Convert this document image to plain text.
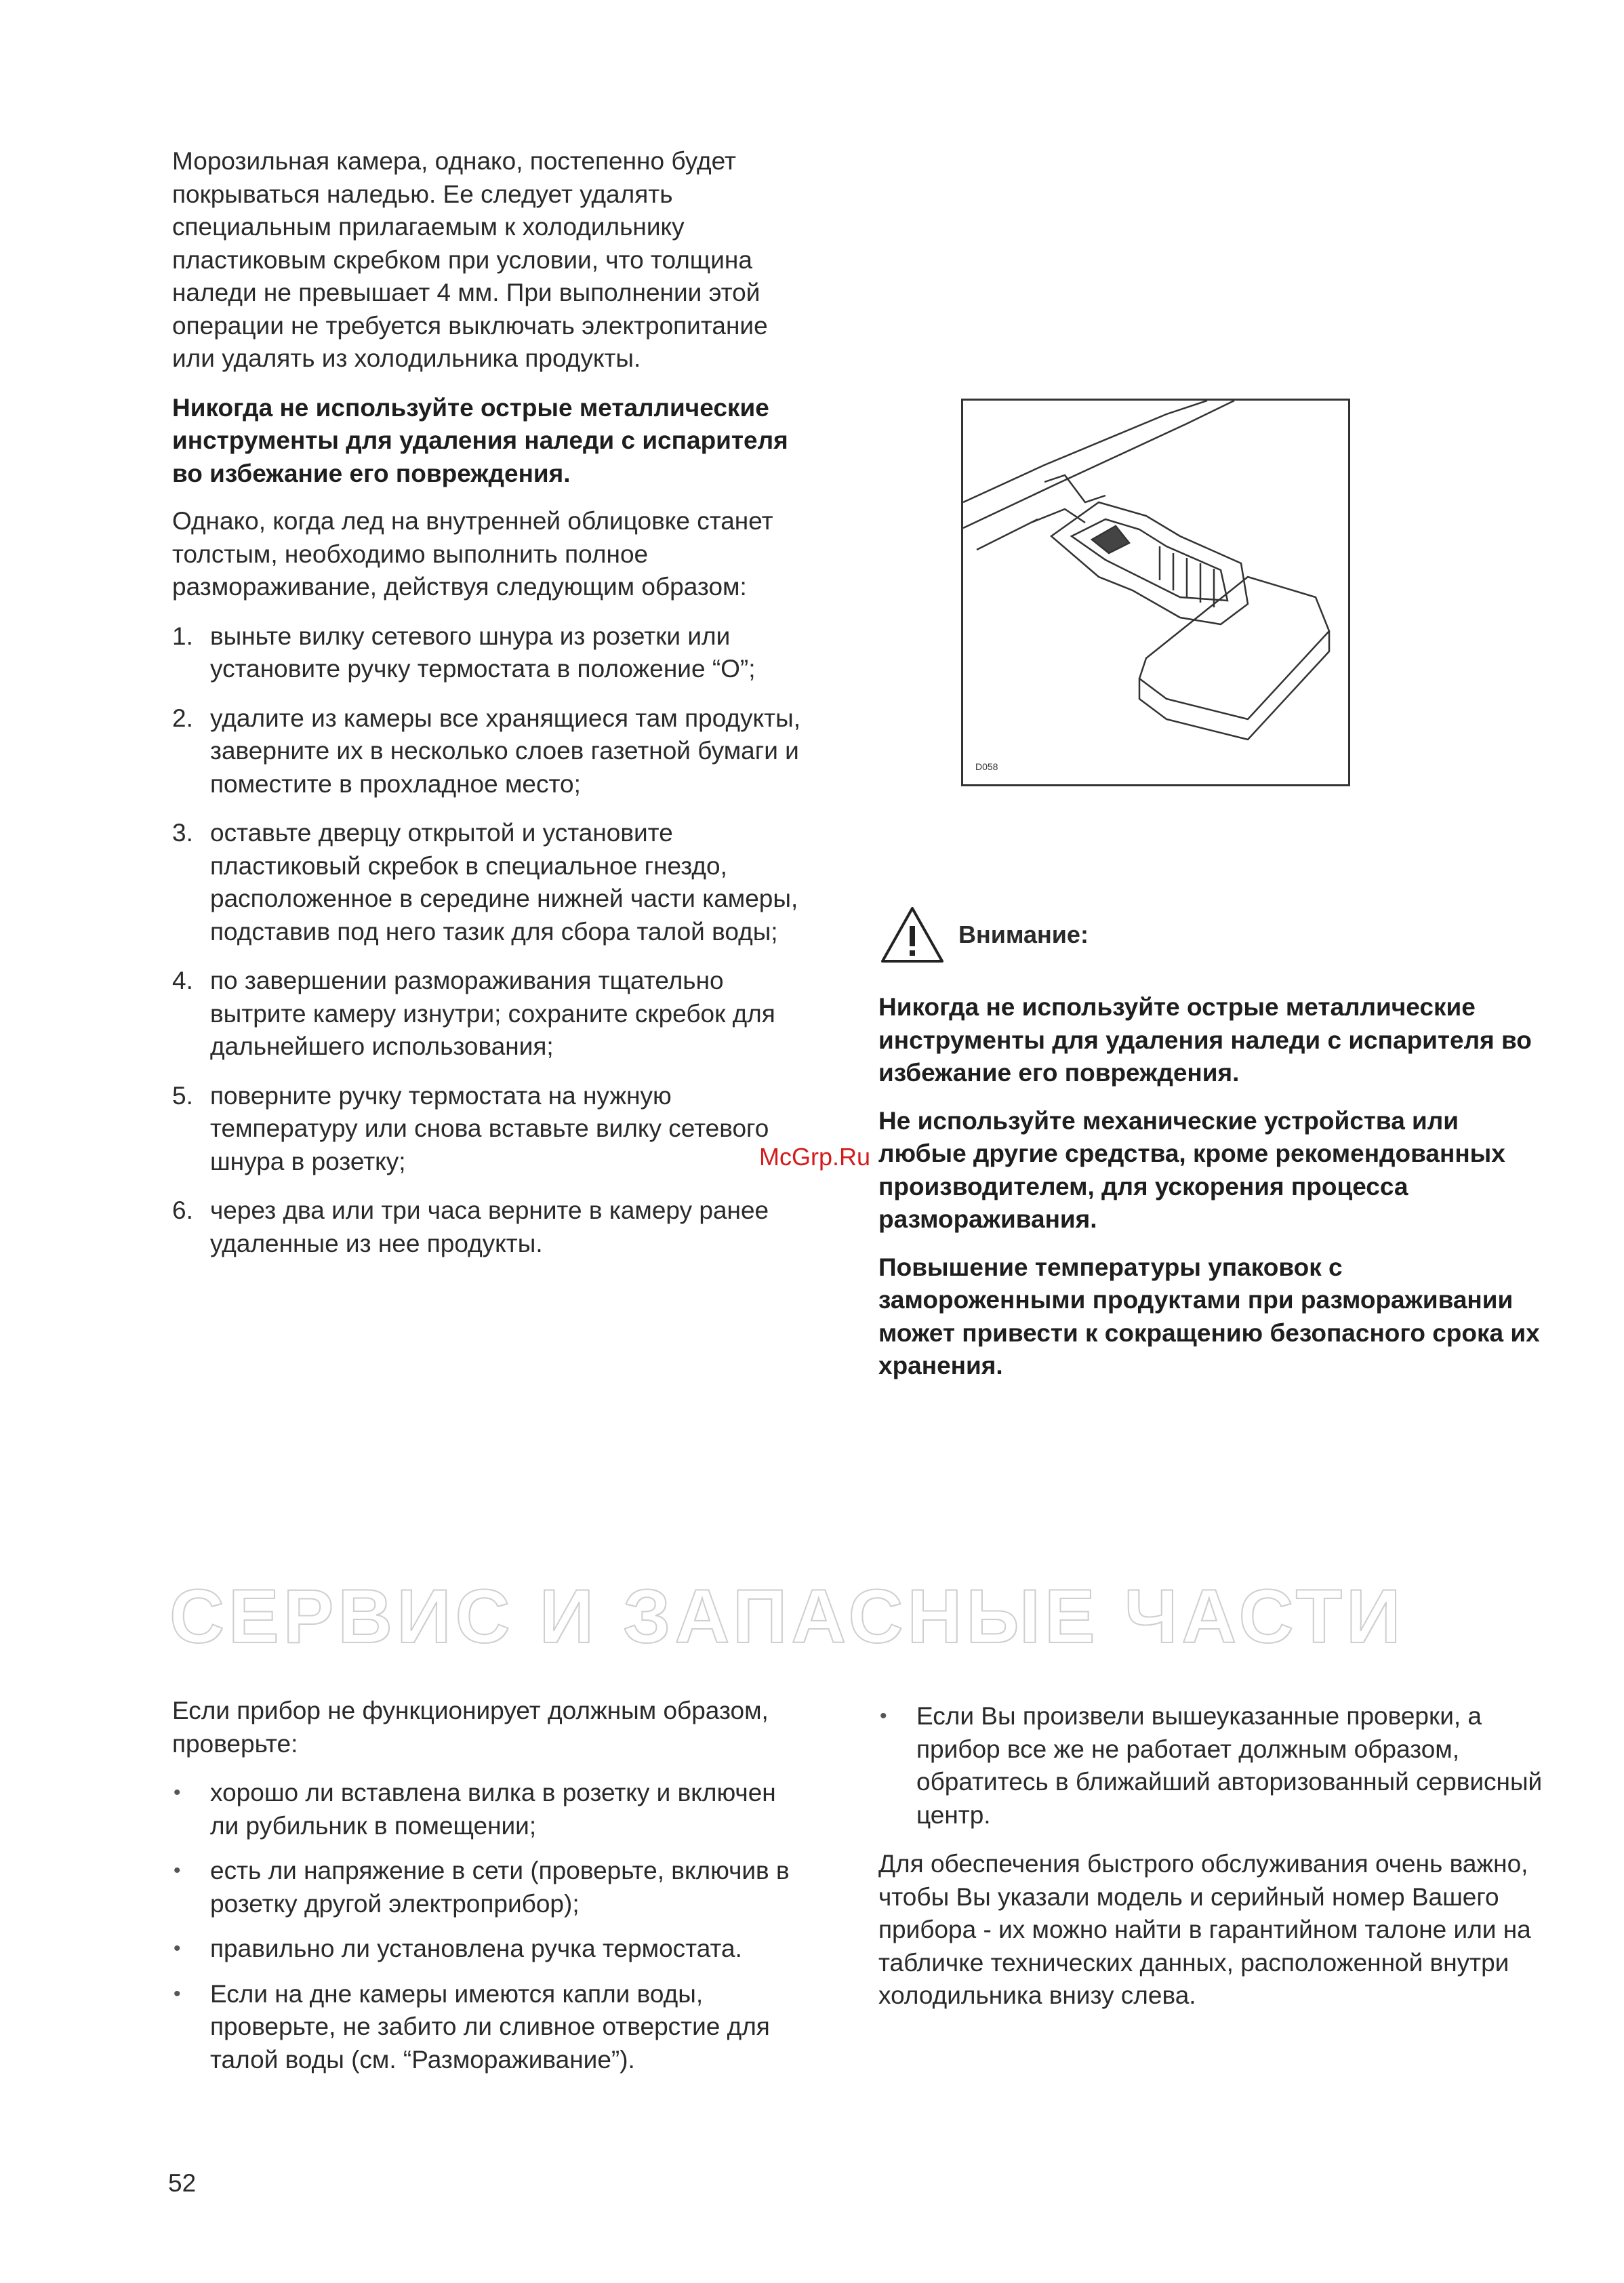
Морозильная камера, однако, постепенно будет покрываться наледью. Ее следует удалять специальным прилагаемым к холодильнику пластиковым скребком при условии, что толщина наледи не превышает 4 мм. При выполнении этой операции не требуется выключать электропитание или удалять из холодильника продукты.

Никогда не используйте острые металлические инструменты для удаления наледи с испарителя во избежание его повреждения.

Однако, когда лед на внутренней облицовке станет толстым, необходимо выполнить полное размораживание, действуя следующим образом:

1. выньте вилку сетевого шнура из розетки или установите ручку термостата в положение “О”;
2. удалите из камеры все хранящиеся там продукты, заверните их в несколько слоев газетной бумаги и поместите в прохладное место;
3. оставьте дверцу открытой и установите пластиковый скребок в специальное гнездо, расположенное в середине нижней части камеры, подставив под него тазик для сбора талой воды;
4. по завершении размораживания тщательно вытрите камеру изнутри; сохраните скребок для дальнейшего использования;
5. поверните ручку термостата на нужную температуру или снова вставьте вилку сетевого шнура в розетку;
6. через два или три часа верните в камеру ранее удаленные из нее продукты.
D058
Внимание:

Никогда не используйте острые металлические инструменты для удаления наледи с испарителя во избежание его повреждения.

Не используйте механические устройства или любые другие средства, кроме рекомендованных производителем, для ускорения процесса размораживания.

Повышение температуры упаковок с замороженными продуктами при размораживании может привести к сокращению безопасного срока их хранения.

McGrp.Ru
СЕРВИС И ЗАПАСНЫЕ ЧАСТИ

Если прибор не функционирует должным образом, проверьте:

• хорошо ли вставлена вилка в розетку и включен ли рубильник в помещении;
• есть ли напряжение в сети (проверьте, включив в розетку другой электроприбор);
• правильно ли установлена ручка термостата.
• Если на дне камеры имеются капли воды, проверьте, не забито ли сливное отверстие для талой воды (см. “Размораживание”).
• Если Вы произвели вышеуказанные проверки, а прибор все же не работает должным образом, обратитесь в ближайший авторизованный сервисный центр.

Для обеспечения быстрого обслуживания очень важно, чтобы Вы указали модель и серийный номер Вашего прибора - их можно найти в гарантийном талоне или на табличке технических данных, расположенной внутри холодильника внизу слева.

52
